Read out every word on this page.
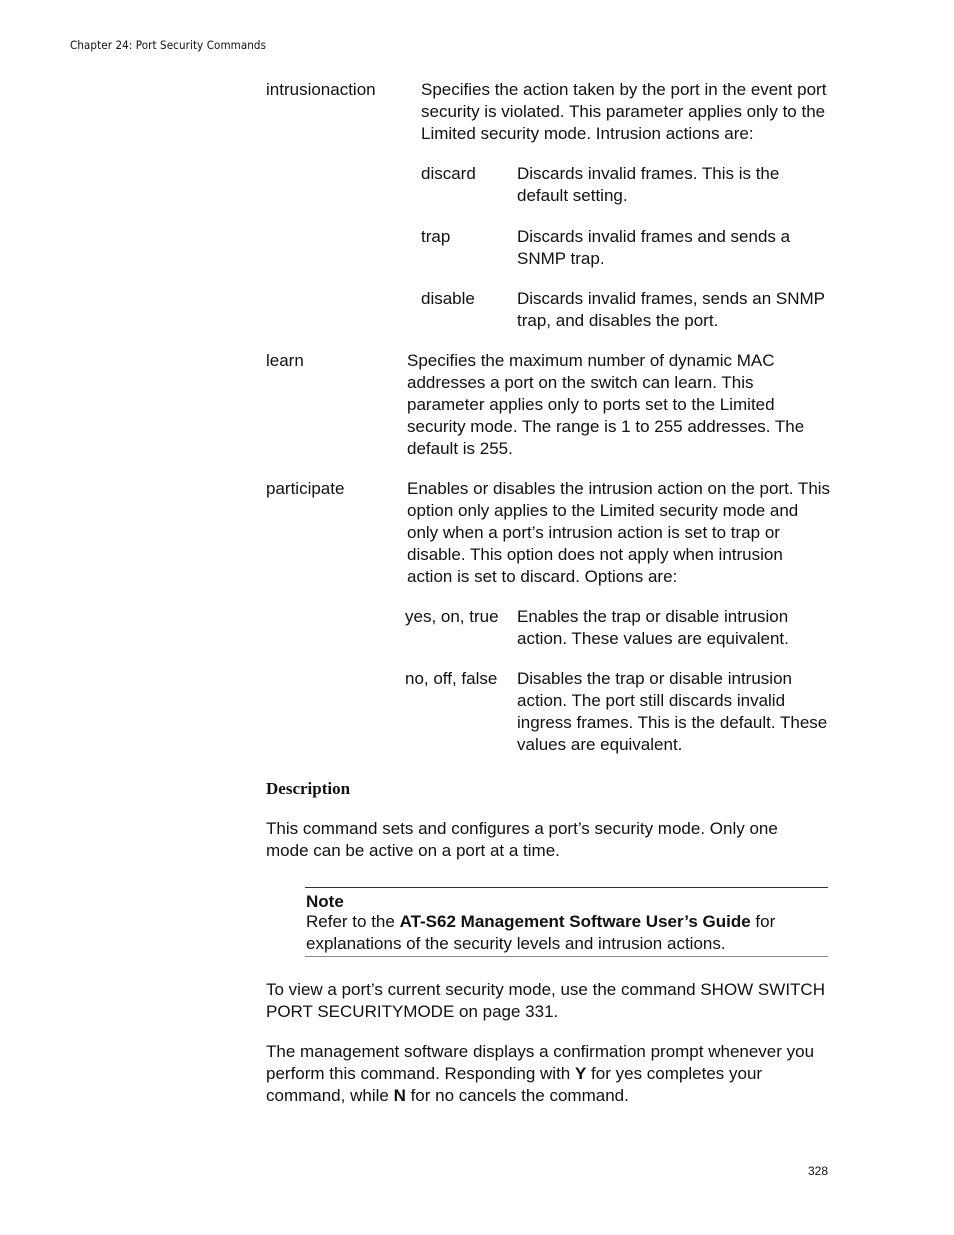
Chapter 24: Port Security Commands
intrusionaction	Specifies the action taken by the port in the event port security is violated. This parameter applies only to the Limited security mode. Intrusion actions are:
discard Discards invalid frames. This is the default setting.
trap	Discards invalid frames and sends a SNMP trap.
disable Discards invalid frames, sends an SNMP trap, and disables the port.
learn	Specifies the maximum number of dynamic MAC addresses a port on the switch can learn. This parameter applies only to ports set to the Limited security mode. The range is 1 to 255 addresses. The default is 255.
participate	Enables or disables the intrusion action on the port. This option only applies to the Limited security mode and only when a port’s intrusion action is set to trap or disable. This option does not apply when intrusion action is set to discard. Options are:
yes, on, true Enables the trap or disable intrusion action. These values are equivalent.
no, off, false Disables the trap or disable intrusion action. The port still discards invalid ingress frames. This is the default. These values are equivalent.
Description
This command sets and configures a port’s security mode. Only one mode can be active on a port at a time.
Note
Refer to the AT-S62 Management Software User’s Guide for explanations of the security levels and intrusion actions.
To view a port’s current security mode, use the command SHOW SWITCH PORT SECURITYMODE on page 331.
The management software displays a confirmation prompt whenever you perform this command. Responding with Y for yes completes your command, while N for no cancels the command.
328
